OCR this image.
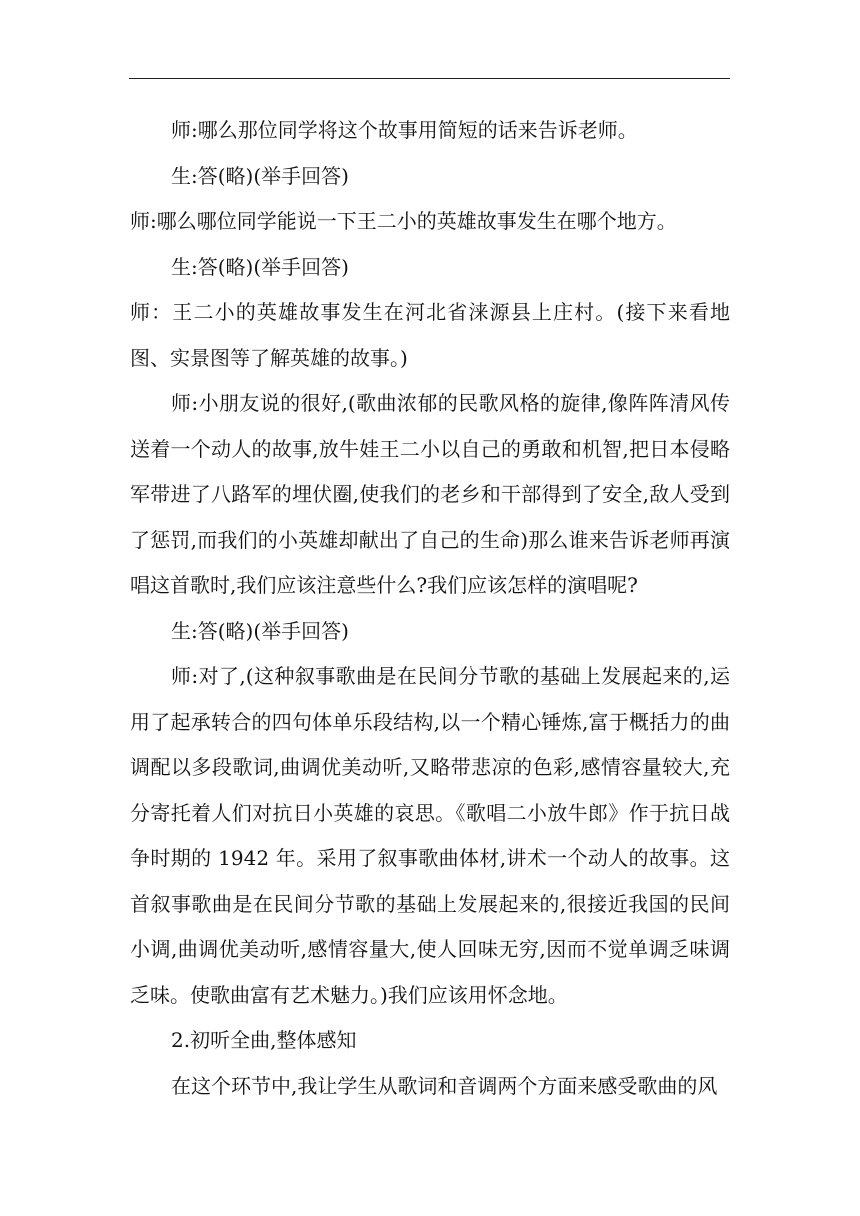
师:哪么那位同学将这个故事用简短的话来告诉老师。

生:答(略)(举手回答)

师:哪么哪位同学能说一下王二小的英雄故事发生在哪个地方。

生:答(略)(举手回答)

师：王二小的英雄故事发生在河北省涞源县上庄村。(接下来看地图、实景图等了解英雄的故事。)

师:小朋友说的很好,(歌曲浓郁的民歌风格的旋律,像阵阵清风传送着一个动人的故事,放牛娃王二小以自己的勇敢和机智,把日本侵略军带进了八路军的埋伏圈,使我们的老乡和干部得到了安全,敌人受到了惩罚,而我们的小英雄却献出了自己的生命)那么谁来告诉老师再演唱这首歌时,我们应该注意些什么?我们应该怎样的演唱呢?

生:答(略)(举手回答)

师:对了,(这种叙事歌曲是在民间分节歌的基础上发展起来的,运用了起承转合的四句体单乐段结构,以一个精心锤炼,富于概括力的曲调配以多段歌词,曲调优美动听,又略带悲凉的色彩,感情容量较大,充分寄托着人们对抗日小英雄的哀思。《歌唱二小放牛郎》作于抗日战争时期的 1942 年。采用了叙事歌曲体材,讲术一个动人的故事。这首叙事歌曲是在民间分节歌的基础上发展起来的,很接近我国的民间小调,曲调优美动听,感情容量大,使人回味无穷,因而不觉单调乏味调乏味。使歌曲富有艺术魅力。)我们应该用怀念地。

2.初听全曲,整体感知

在这个环节中,我让学生从歌词和音调两个方面来感受歌曲的风
